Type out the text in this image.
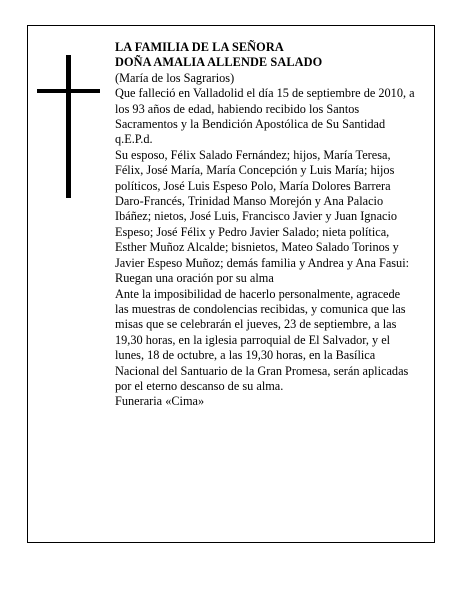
LA FAMILIA DE LA SEÑORA

DOÑA AMALIA ALLENDE SALADO

(María de los Sagrarios)

Que falleció en Valladolid el día 15 de septiembre de 2010, a los 93 años de edad, habiendo recibido los Santos Sacramentos y la Bendición Apostólica de Su Santidad

q.E.P.d.

Su esposo, Félix Salado Fernández; hijos, María Teresa, Félix, José María, María Concepción y Luis María; hijos políticos, José Luis Espeso Polo, María Dolores Barrera Daro-Francés, Trinidad Manso Morejón y Ana Palacio Ibáñez; nietos, José Luis, Francisco Javier y Juan Ignacio Espeso; José Félix y Pedro Javier Salado; nieta política, Esther Muñoz Alcalde; bisnietos, Mateo Salado Torinos y Javier Espeso Muñoz; demás familia y Andrea y Ana Fasui:

Ruegan una oración por su alma

Ante la imposibilidad de hacerlo personalmente, agracede las muestras de condolencias recibidas, y comunica que las misas que se celebrarán el jueves, 23 de septiembre, a las 19,30 horas, en la iglesia parroquial de El Salvador, y el lunes, 18 de octubre, a las 19,30 horas, en la Basílica Nacional del Santuario de la Gran Promesa, serán aplicadas por el eterno descanso de su alma.

Funeraria «Cima»
